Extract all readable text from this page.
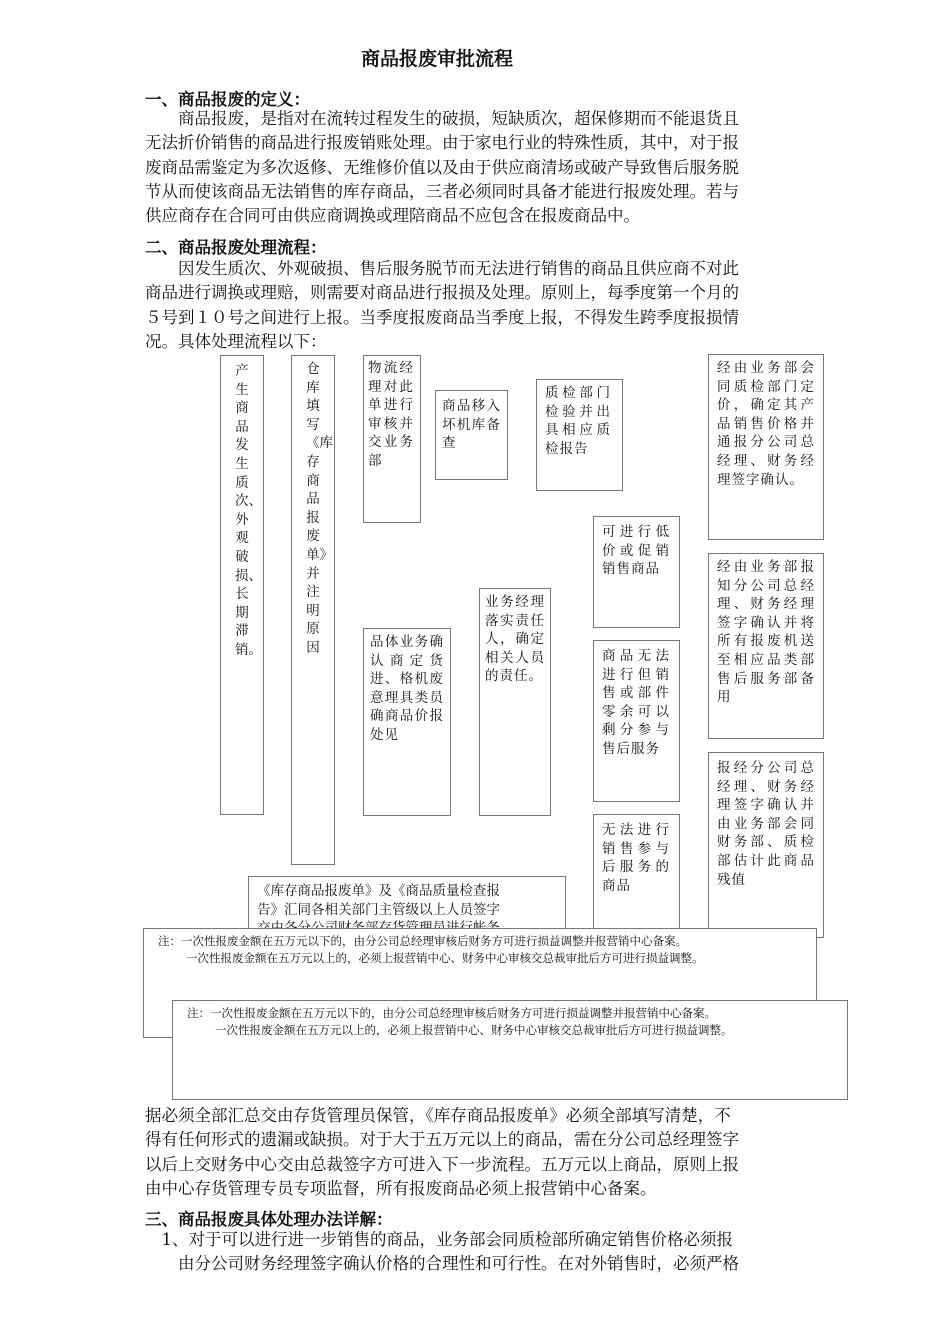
商品报废审批流程
一、商品报废的定义：
　　商品报废，是指对在流转过程发生的破损，短缺质次，超保修期而不能退货且
无法折价销售的商品进行报废销账处理。由于家电行业的特殊性质，其中，对于报
废商品需鉴定为多次返修、无维修价值以及由于供应商清场或破产导致售后服务脱
节从而使该商品无法销售的库存商品，三者必须同时具备才能进行报废处理。若与
供应商存在合同可由供应商调换或理陪商品不应包含在报废商品中。
二、商品报废处理流程：
　　因发生质次、外观破损、售后服务脱节而无法进行销售的商品且供应商不对此
商品进行调换或理赔，则需要对商品进行报损及处理。原则上，每季度第一个月的
５号到１０号之间进行上报。当季度报废商品当季度上报，不得发生跨季度报损情
况。具体处理流程以下：
产生商品发生质次、外观破损、长期滞销。
仓库填写《库存商品报废单》并注明原因
物流经理对此单进行审核并交业务部
品体业务确认商定货进、格机废意理具类员确商品价报处见
商品移入坏机库备查
业务经理落实责任人，确定相关人员的责任。
质检部门检验并出具相应质检报告
可进行低价或促销销售商品
商品无法进行但销售或部件零余可以剩分参与售后服务
无法进行销售参与后服务的商品
经由业务部会同质检部门定价，确定其产品销售价格并通报分公司总经理、财务经理签字确认。
经由业务部报知分公司总经理、财务经理签字确认并将所有报废机送至相应品类部售后服务部备用
报经分公司总经理、财务经理签字确认并由业务部会同财务部、质检部估计此商品残值
《库存商品报废单》及《商品质量检查报
告》汇同各相关部门主管级以上人员签字
注：一次性报废金额在五万元以下的，由分公司总经理审核后财务方可进行损益调整并报营销中心备案。
一次性报废金额在五万元以上的，必须上报营销中心、财务中心审核交总裁审批后方可进行损益调整。
注：一次性报废金额在五万元以下的，由分公司总经理审核后财务方可进行损益调整并报营销中心备案。
一次性报废金额在五万元以上的，必须上报营销中心、财务中心审核交总裁审批后方可进行损益调整。
据必须全部汇总交由存货管理员保管，《库存商品报废单》必须全部填写清楚，不
得有任何形式的遗漏或缺损。对于大于五万元以上的商品，需在分公司总经理签字
以后上交财务中心交由总裁签字方可进入下一步流程。五万元以上商品，原则上报
由中心存货管理专员专项监督，所有报废商品必须上报营销中心备案。
三、商品报废具体处理办法详解：
　1、对于可以进行进一步销售的商品，业务部会同质检部所确定销售价格必须报
　　由分公司财务经理签字确认价格的合理性和可行性。在对外销售时，必须严格
